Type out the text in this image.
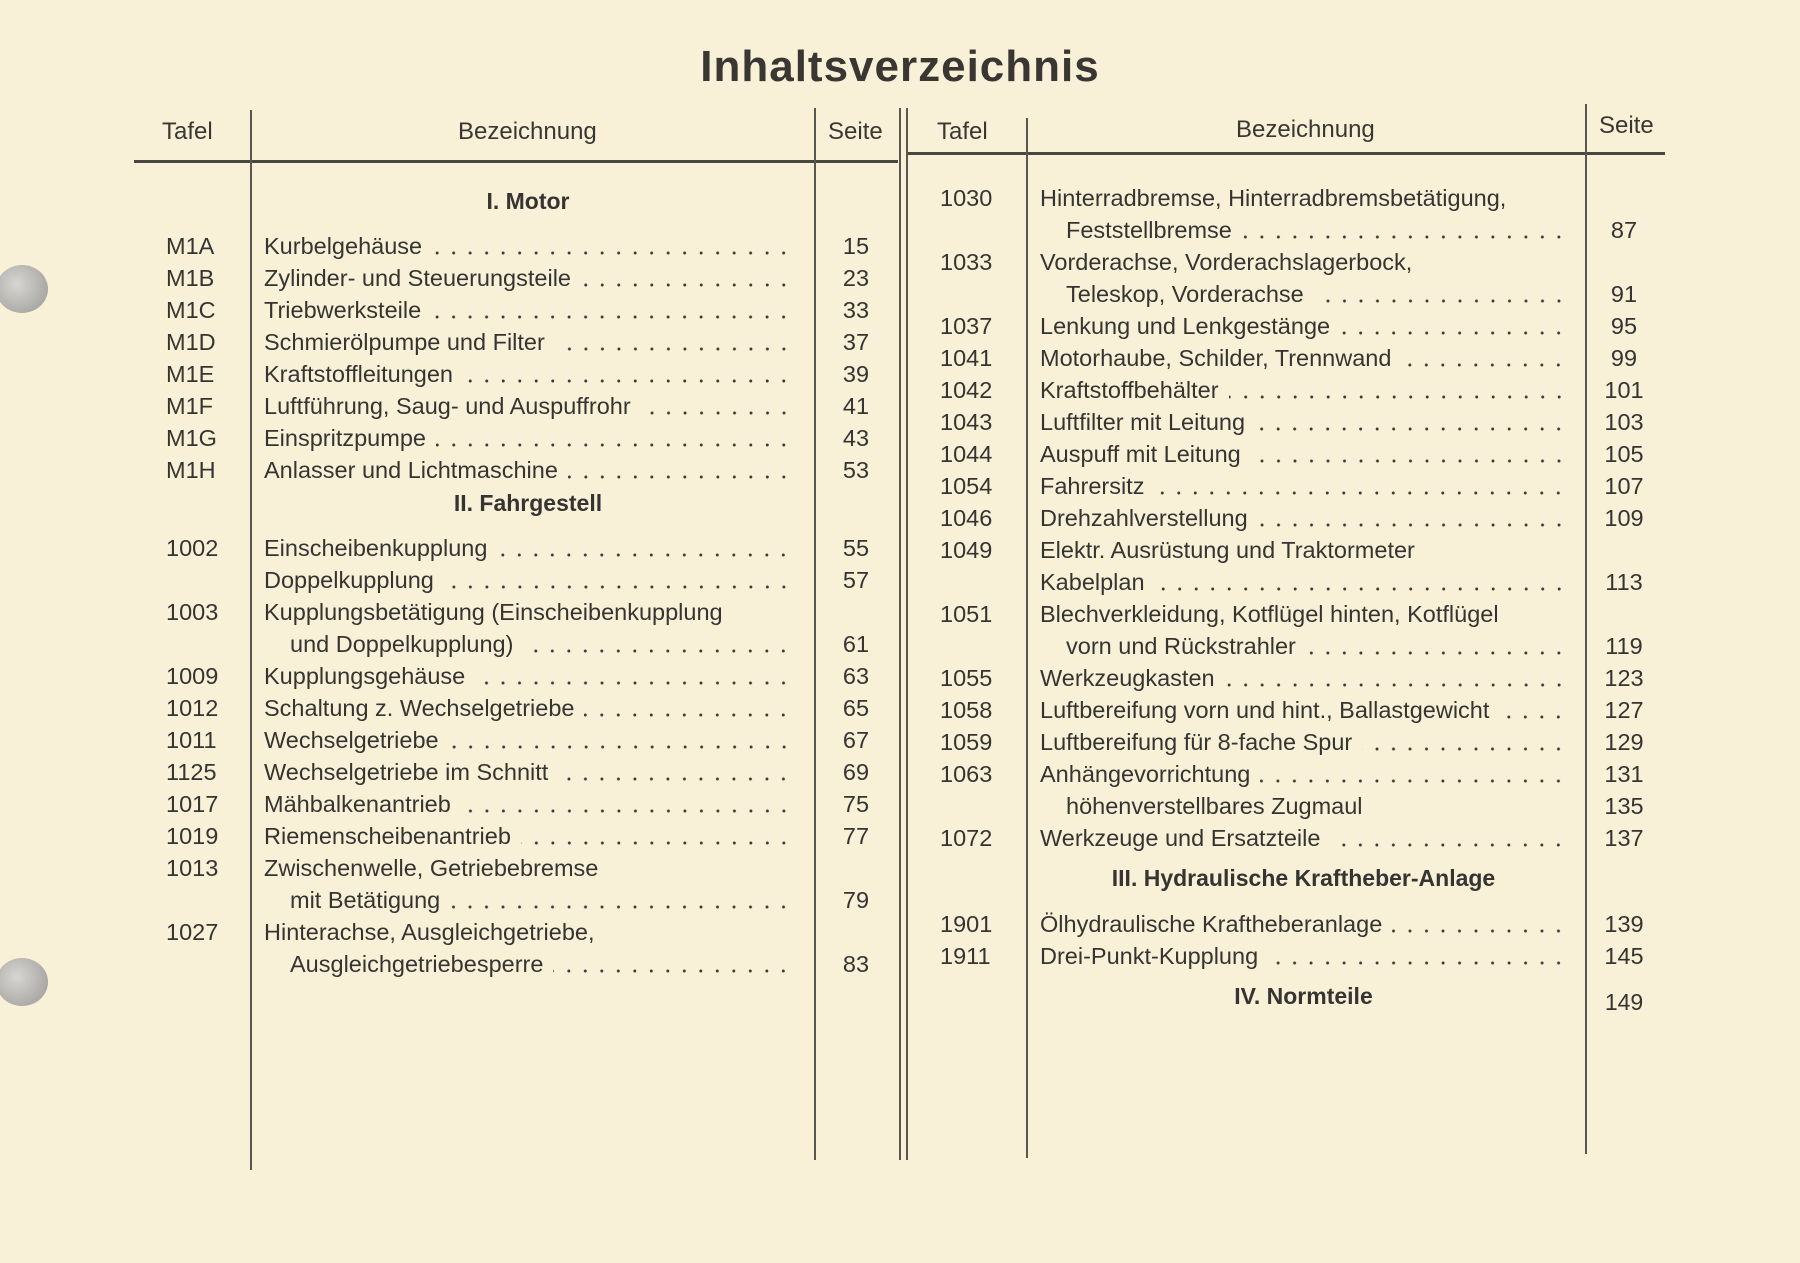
Inhaltsverzeichnis
Tafel	Bezeichnung	Seite Tafel	Bezeichnung	Seite
I. Motor
M1A Kurbelgehäuse	15
M1B Zylinder- und Steuerungsteile	23
M1C Triebwerksteile	33
M1D Schmierölpumpe und Filter	37
M1E Kraftstoffleitungen	39
M1F Luftführung, Saug- und Auspuffrohr	41
M1G Einspritzpumpe	43
M1H Anlasser und Lichtmaschine	53
II. Fahrgestell
1002 Einscheibenkupplung	55
Doppelkupplung	57
1003 Kupplungsbetätigung (Einscheibenkupplung
und Doppelkupplung)	61
1009 Kupplungsgehäuse	63
1012 Schaltung z. Wechselgetriebe	65
1011 Wechselgetriebe	67
1125 Wechselgetriebe im Schnitt	69
1017 Mähbalkenantrieb	75
1019 Riemenscheibenantrieb	77
1013 Zwischenwelle, Getriebebremse
mit Betätigung	79
1027 Hinterachse, Ausgleichgetriebe,
Ausgleichgetriebesperre	83
1030 Hinterradbremse, Hinterradbremsbetätigung,
Feststellbremse	87
1033 Vorderachse, Vorderachslagerbock,
Teleskop, Vorderachse	91
1037 Lenkung und Lenkgestänge	95
1041 Motorhaube, Schilder, Trennwand	99
1042 Kraftstoffbehälter	101
1043 Luftfilter mit Leitung	103
1044 Auspuff mit Leitung	105
1054 Fahrersitz	107
1046 Drehzahlverstellung	109
1049 Elektr. Ausrüstung und Traktormeter
Kabelplan	113
1051 Blechverkleidung, Kotflügel hinten, Kotflügel
vorn und Rückstrahler	119
1055 Werkzeugkasten	123
1058 Luftbereifung vorn und hint., Ballastgewicht	127
1059 Luftbereifung für 8-fache Spur	129
1063 Anhängevorrichtung	131
höhenverstellbares Zugmaul	135
1072 Werkzeuge und Ersatzteile	137
III. Hydraulische Kraftheber-Anlage
1901 Ölhydraulische Kraftheberanlage	139
1911 Drei-Punkt-Kupplung	145
IV. Normteile	149
